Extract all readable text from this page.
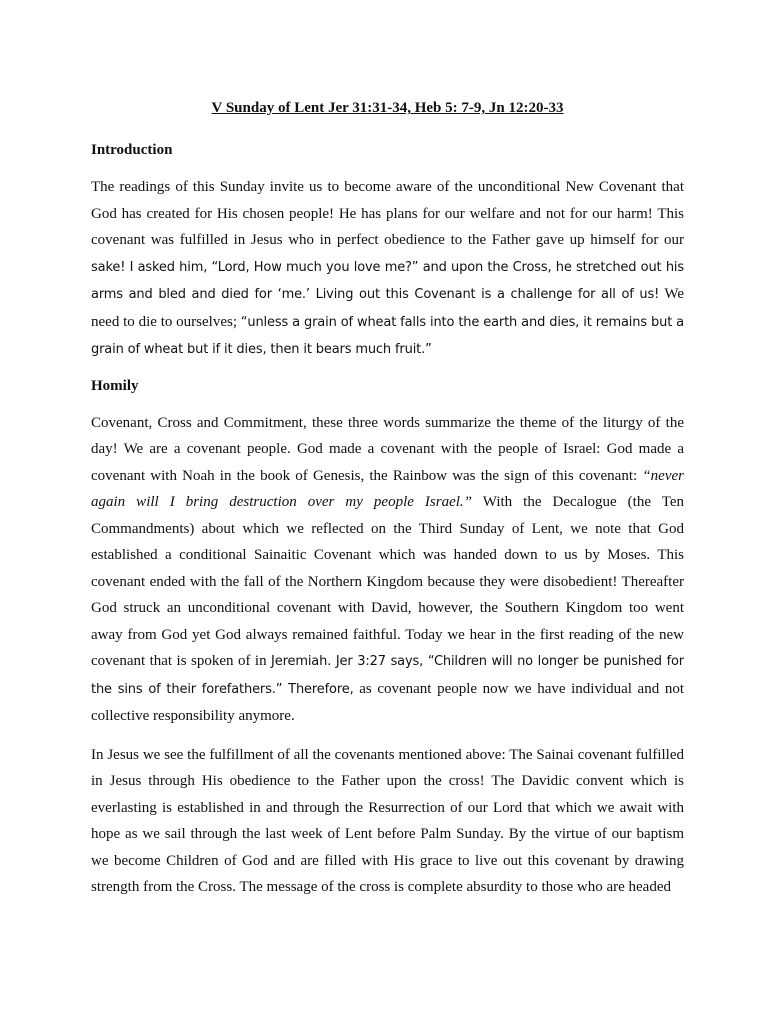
V Sunday of Lent Jer 31:31-34, Heb 5: 7-9, Jn 12:20-33
Introduction

The readings of this Sunday invite us to become aware of the unconditional New Covenant that God has created for His chosen people! He has plans for our welfare and not for our harm! This covenant was fulfilled in Jesus who in perfect obedience to the Father gave up himself for our sake! I asked him, “Lord, How much you love me?” and upon the Cross, he stretched out his arms and bled and died for ‘me.’ Living out this Covenant is a challenge for all of us! We need to die to ourselves; “unless a grain of wheat falls into the earth and dies, it remains but a grain of wheat but if it dies, then it bears much fruit.”

Homily

Covenant, Cross and Commitment, these three words summarize the theme of the liturgy of the day! We are a covenant people. God made a covenant with the people of Israel: God made a covenant with Noah in the book of Genesis, the Rainbow was the sign of this covenant: “never again will I bring destruction over my people Israel.” With the Decalogue (the Ten Commandments) about which we reflected on the Third Sunday of Lent, we note that God established a conditional Sainaitic Covenant which was handed down to us by Moses. This covenant ended with the fall of the Northern Kingdom because they were disobedient! Thereafter God struck an unconditional covenant with David, however, the Southern Kingdom too went away from God yet God always remained faithful. Today we hear in the first reading of the new covenant that is spoken of in Jeremiah. Jer 3:27 says, “Children will no longer be punished for the sins of their forefathers.” Therefore, as covenant people now we have individual and not collective responsibility anymore.

In Jesus we see the fulfillment of all the covenants mentioned above: The Sainai covenant fulfilled in Jesus through His obedience to the Father upon the cross! The Davidic convent which is everlasting is established in and through the Resurrection of our Lord that which we await with hope as we sail through the last week of Lent before Palm Sunday. By the virtue of our baptism we become Children of God and are filled with His grace to live out this covenant by drawing strength from the Cross. The message of the cross is complete absurdity to those who are headed
